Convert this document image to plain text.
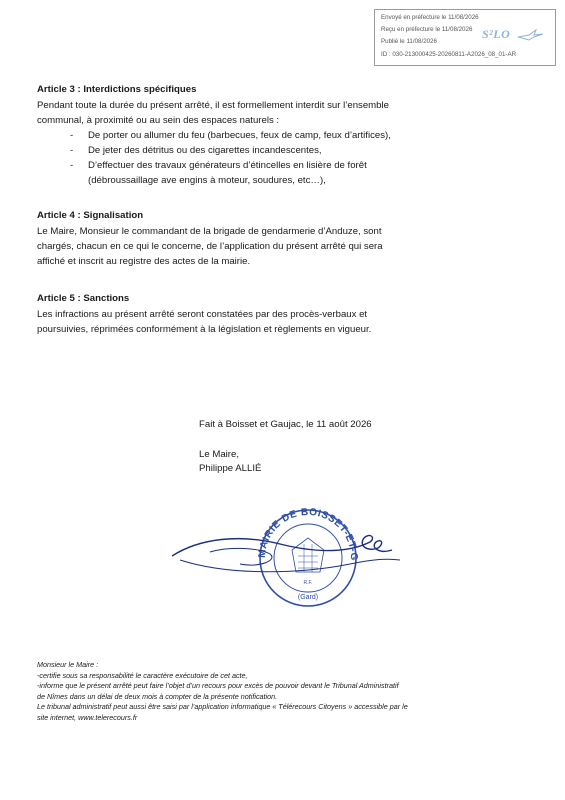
Envoyé en préfecture le 11/08/2026
Reçu en préfecture le 11/08/2026
Publié le 11/08/2026
ID : 030-213000425-20260811-A2026_08_01-AR
S²LO
Article 3 : Interdictions spécifiques
Pendant toute la durée du présent arrêté, il est formellement interdit sur l’ensemble
communal, à proximité ou au sein des espaces naturels :
- De porter ou allumer du feu (barbecues, feux de camp, feux d’artifices),
- De jeter des détritus ou des cigarettes incandescentes,
- D’effectuer des travaux générateurs d’étincelles en lisière de forêt
(débroussaillage ave engins à moteur, soudures, etc…),
Article 4 : Signalisation
Le Maire, Monsieur le commandant de la brigade de gendarmerie d’Anduze, sont
chargés, chacun en ce qui le concerne, de l’application du présent arrêté qui sera
affiché et inscrit au registre des actes de la mairie.
Article 5 : Sanctions
Les infractions au présent arrêté seront constatées par des procès-verbaux et
poursuivies, réprimées conformément à la législation et règlements en vigueur.
Fait à Boisset et Gaujac, le 11 août 2026
Le Maire,
Philippe ALLIÉ
MAIRIE DE BOISSET-ET-G
(Gard)
R.F.
Monsieur le Maire :
-certifie sous sa responsabilité le caractère exécutoire de cet acte,
-informe que le présent arrêté peut faire l’objet d’un recours pour excès de pouvoir devant le Tribunal Administratif
de Nîmes dans un délai de deux mois à compter de la présente notification.
Le tribunal administratif peut aussi être saisi par l’application informatique « Télérecours Citoyens » accessible par le
site internet, www.telerecours.fr
